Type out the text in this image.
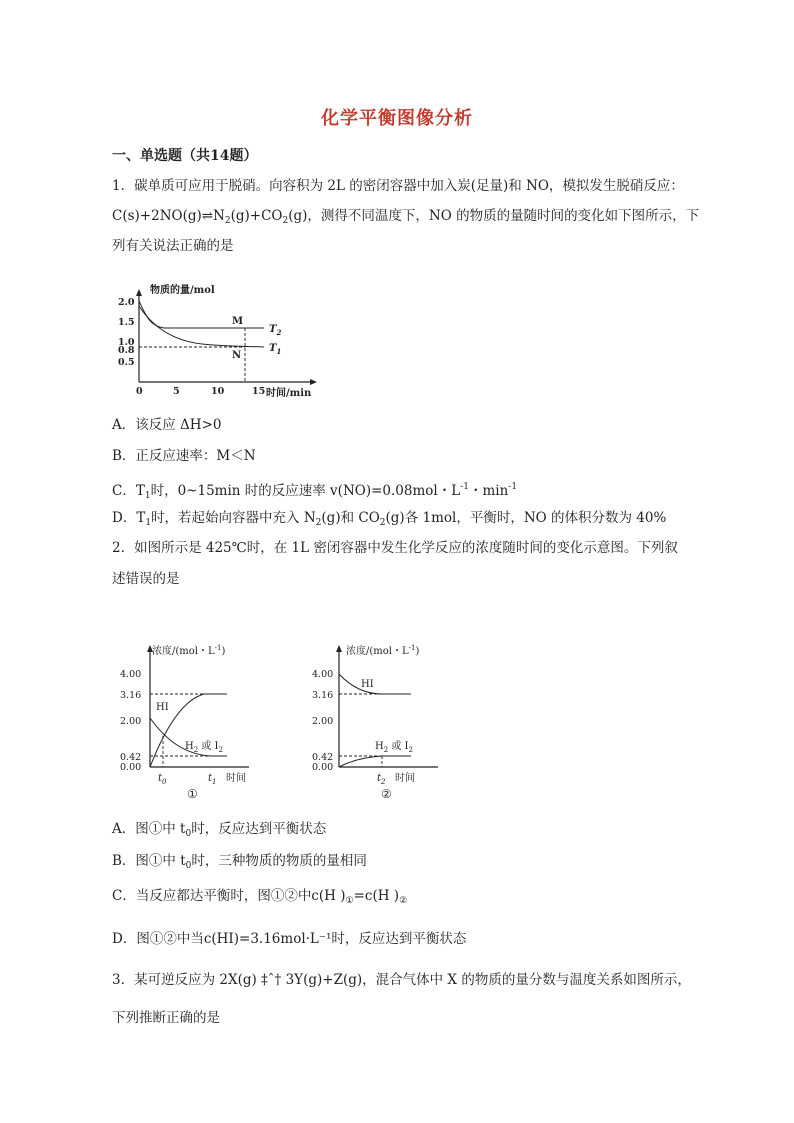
化学平衡图像分析
一、单选题（共14题）
1．碳单质可应用于脱硝。向容积为 2L 的密闭容器中加入炭(足量)和 NO，模拟发生脱硝反应：
$C(s)+2NO(g)\rightleftharpoons N_2(g)+CO_2(g)$，测得不同温度下，NO 的物质的量随时间的变化如下图所示，下
列有关说法正确的是
物质的量/mol
2.0
1.5
1.0
0.8
0.5
0	5	10	15 时间/min
M
N
$T_2$
$T_1$
A．该反应 ΔH>0
B．正反应速率：M＜N
C．$T_1$时，0~15min 时的反应速率 v(NO)=0.08mol・$L^{-1}$・$\min^{-1}$
D．$T_1$时，若起始向容器中充入 $N_2(g)$和 $CO_2(g)$各 1mol，平衡时，NO 的体积分数为 40%
2．如图所示是 425℃时，在 1L 密闭容器中发生化学反应的浓度随时间的变化示意图。下列叙
述错误的是
浓度/(mol・$L^{-1}$)
4.00
3.16
2.00
0.42
0.00
HI
$H_2$ 或 $I_2$
$t_0$	$t_1$ 时间
①
浓度/(mol・$L^{-1}$)
4.00
3.16
2.00
0.42
0.00
HI
$H_2$ 或 $I_2$
$t_2$ 时间
②
A．图①中 $t_0$时，反应达到平衡状态
B．图①中 $t_0$时，三种物质的物质的量相同
C．当反应都达平衡时，图①②中c(H )$_①=c(H$ )$_②$
D．图①②中当c(HI)=3.16mol·L⁻¹时，反应达到平衡状态
3．某可逆反应为 2X(g) ‡ˆ† 3Y(g)+Z(g)，混合气体中 X 的物质的量分数与温度关系如图所示，
下列推断正确的是
